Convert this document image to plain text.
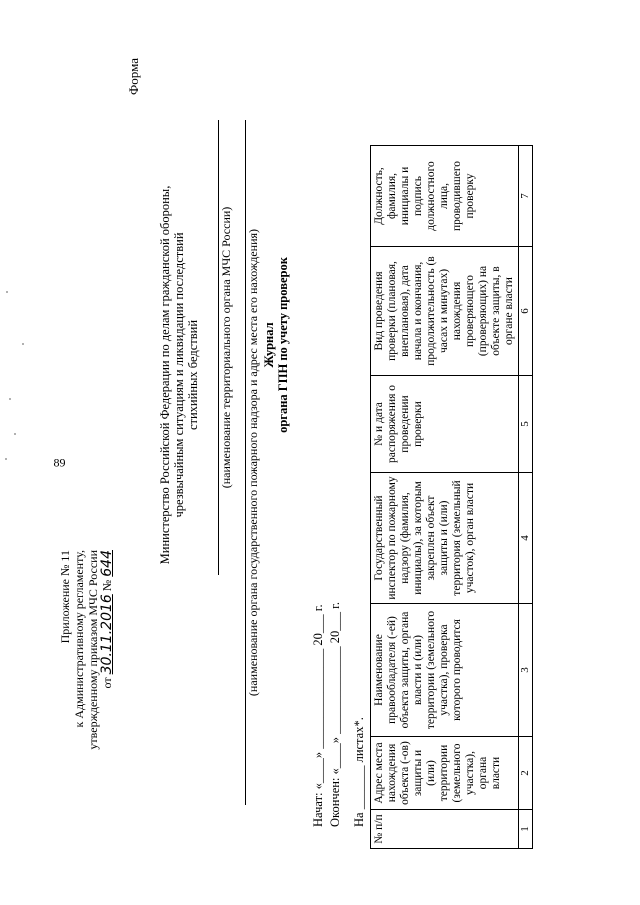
89
Приложение № 11 к Административному регламенту, утвержденному приказом МЧС России от 30.11.2016 № 644
Форма
Министерство Российской Федерации по делам гражданской обороны, чрезвычайным ситуациям и ликвидации последствий стихийных бедствий (наименование территориального органа МЧС России) (наименование органа государственного пожарного надзора и адрес места его нахождения) Журнал органа ГПН по учету проверок
Начат: «____» ________________ 20___ г. Окончен: «____» ______________ 20___ г. На _______ листах*.
№ п/п	Адрес места нахождения объекта (-ов) защиты и (или) территории (земельного участка), органа власти	Наименование правообладателя (-ей) объекта защиты, органа власти и (или) территории (земельного участка), проверка которого проводится	Государственный инспектор по пожарному надзору (фамилия, инициалы), за которым закреплен объект защиты и (или) территория (земельный участок), орган власти	№ и дата распоряжения о проведении проверки	Вид проведения проверки (плановая, внеплановая), дата начала и окончания, продолжительность (в часах и минутах) нахождения проверяющего (проверяющих) на объекте защиты, в органе власти	Должность, фамилия, инициалы и подпись должностного лица, проводившего проверку
1	2	3	4	5	6	7
